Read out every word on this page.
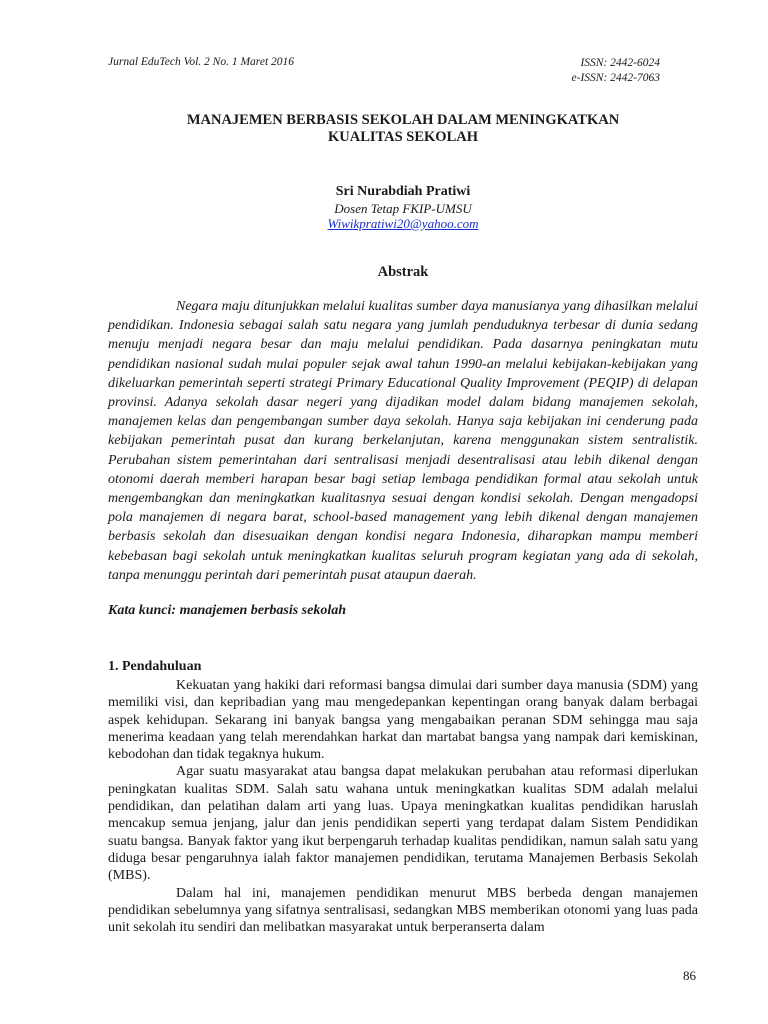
Jurnal EduTech Vol. 2 No. 1 Maret 2016	ISSN: 2442-6024
e-ISSN: 2442-7063
MANAJEMEN BERBASIS SEKOLAH DALAM MENINGKATKAN
KUALITAS SEKOLAH
Sri Nurabdiah Pratiwi
Dosen Tetap FKIP-UMSU
Wiwikpratiwi20@yahoo.com
Abstrak
Negara maju ditunjukkan melalui kualitas sumber daya manusianya yang dihasilkan melalui pendidikan. Indonesia sebagai salah satu negara yang jumlah penduduknya terbesar di dunia sedang menuju menjadi negara besar dan maju melalui pendidikan. Pada dasarnya peningkatan mutu pendidikan nasional sudah mulai populer sejak awal tahun 1990-an melalui kebijakan-kebijakan yang dikeluarkan pemerintah seperti strategi Primary Educational Quality Improvement (PEQIP) di delapan provinsi. Adanya sekolah dasar negeri yang dijadikan model dalam bidang manajemen sekolah, manajemen kelas dan pengembangan sumber daya sekolah. Hanya saja kebijakan ini cenderung pada kebijakan pemerintah pusat dan kurang berkelanjutan, karena menggunakan sistem sentralistik. Perubahan sistem pemerintahan dari sentralisasi menjadi desentralisasi atau lebih dikenal dengan otonomi daerah memberi harapan besar bagi setiap lembaga pendidikan formal atau sekolah untuk mengembangkan dan meningkatkan kualitasnya sesuai dengan kondisi sekolah. Dengan mengadopsi pola manajemen di negara barat, school-based management yang lebih dikenal dengan manajemen berbasis sekolah dan disesuaikan dengan kondisi negara Indonesia, diharapkan mampu memberi kebebasan bagi sekolah untuk meningkatkan kualitas seluruh program kegiatan yang ada di sekolah, tanpa menunggu perintah dari pemerintah pusat ataupun daerah.
Kata kunci: manajemen berbasis sekolah
1. Pendahuluan

Kekuatan yang hakiki dari reformasi bangsa dimulai dari sumber daya manusia (SDM) yang memiliki visi, dan kepribadian yang mau mengedepankan kepentingan orang banyak dalam berbagai aspek kehidupan. Sekarang ini banyak bangsa yang mengabaikan peranan SDM sehingga mau saja menerima keadaan yang telah merendahkan harkat dan martabat bangsa yang nampak dari kemiskinan, kebodohan dan tidak tegaknya hukum.

Agar suatu masyarakat atau bangsa dapat melakukan perubahan atau reformasi diperlukan peningkatan kualitas SDM. Salah satu wahana untuk meningkatkan kualitas SDM adalah melalui pendidikan, dan pelatihan dalam arti yang luas. Upaya meningkatkan kualitas pendidikan haruslah mencakup semua jenjang, jalur dan jenis pendidikan seperti yang terdapat dalam Sistem Pendidikan suatu bangsa. Banyak faktor yang ikut berpengaruh terhadap kualitas pendidikan, namun salah satu yang diduga besar pengaruhnya ialah faktor manajemen pendidikan, terutama Manajemen Berbasis Sekolah (MBS).

Dalam hal ini, manajemen pendidikan menurut MBS berbeda dengan manajemen pendidikan sebelumnya yang sifatnya sentralisasi, sedangkan MBS memberikan otonomi yang luas pada unit sekolah itu sendiri dan melibatkan masyarakat untuk berperanserta dalam

86
